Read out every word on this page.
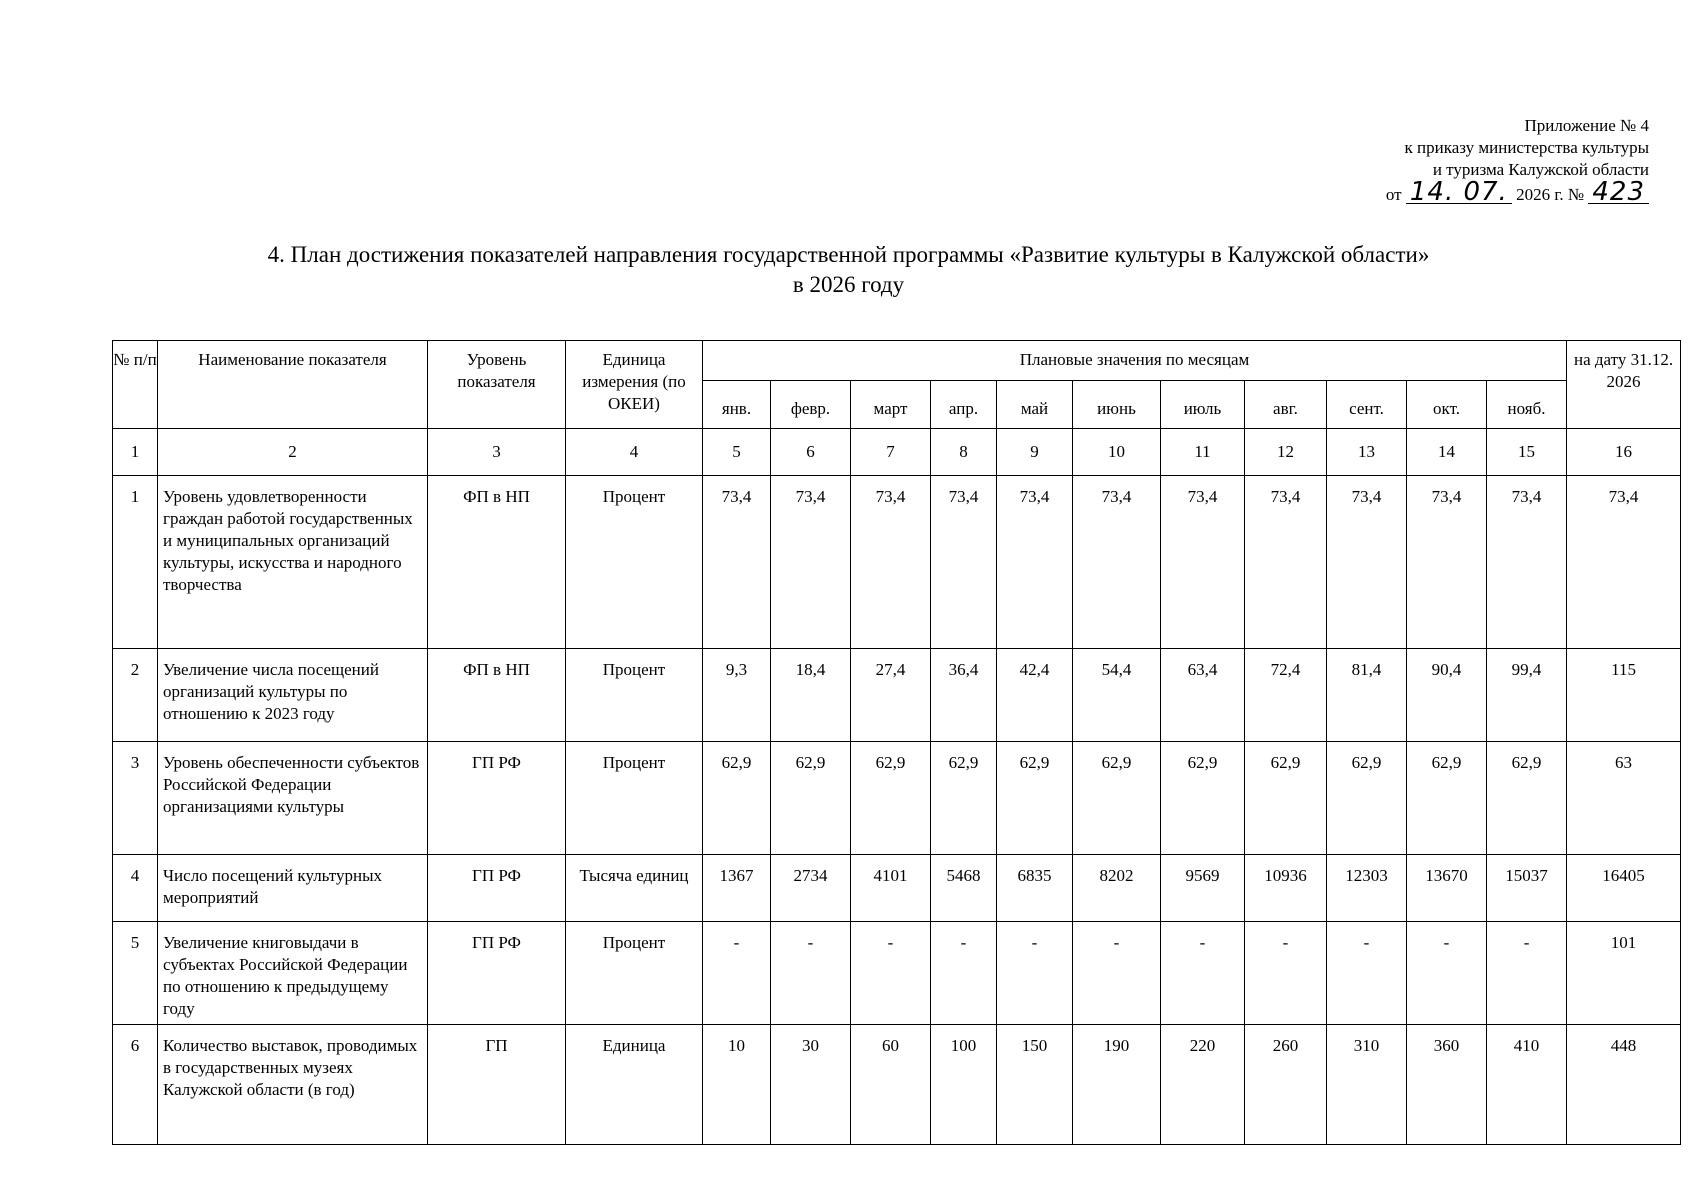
Приложение № 4
к приказу министерства культуры
и туризма Калужской области
от 14. 07. 2026 г. № 423
4. План достижения показателей направления государственной программы «Развитие культуры в Калужской области»
в 2026 году
№ п/п	Наименование показателя	Уровень показателя	Единица измерения (по ОКЕИ)	Плановые значения по месяцам											на дату 31.12. 2026
				янв.	февр.	март	апр.	май	июнь	июль	авг.	сент.	окт.	нояб.	
1	2	3	4	5	6	7	8	9	10	11	12	13	14	15	16
1	Уровень удовлетворенности граждан работой государственных и муниципальных организаций культуры, искусства и народного творчества	ФП в НП	Процент	73,4	73,4	73,4	73,4	73,4	73,4	73,4	73,4	73,4	73,4	73,4	73,4
2	Увеличение числа посещений организаций культуры по отношению к 2023 году	ФП в НП	Процент	9,3	18,4	27,4	36,4	42,4	54,4	63,4	72,4	81,4	90,4	99,4	115
3	Уровень обеспеченности субъектов Российской Федерации организациями культуры	ГП РФ	Процент	62,9	62,9	62,9	62,9	62,9	62,9	62,9	62,9	62,9	62,9	62,9	63
4	Число посещений культурных мероприятий	ГП РФ	Тысяча единиц	1367	2734	4101	5468	6835	8202	9569	10936	12303	13670	15037	16405
5	Увеличение книговыдачи в субъектах Российской Федерации по отношению к предыдущему году	ГП РФ	Процент	-	-	-	-	-	-	-	-	-	-	-	101
6	Количество выставок, проводимых в государственных музеях Калужской области (в год)	ГП	Единица	10	30	60	100	150	190	220	260	310	360	410	448
